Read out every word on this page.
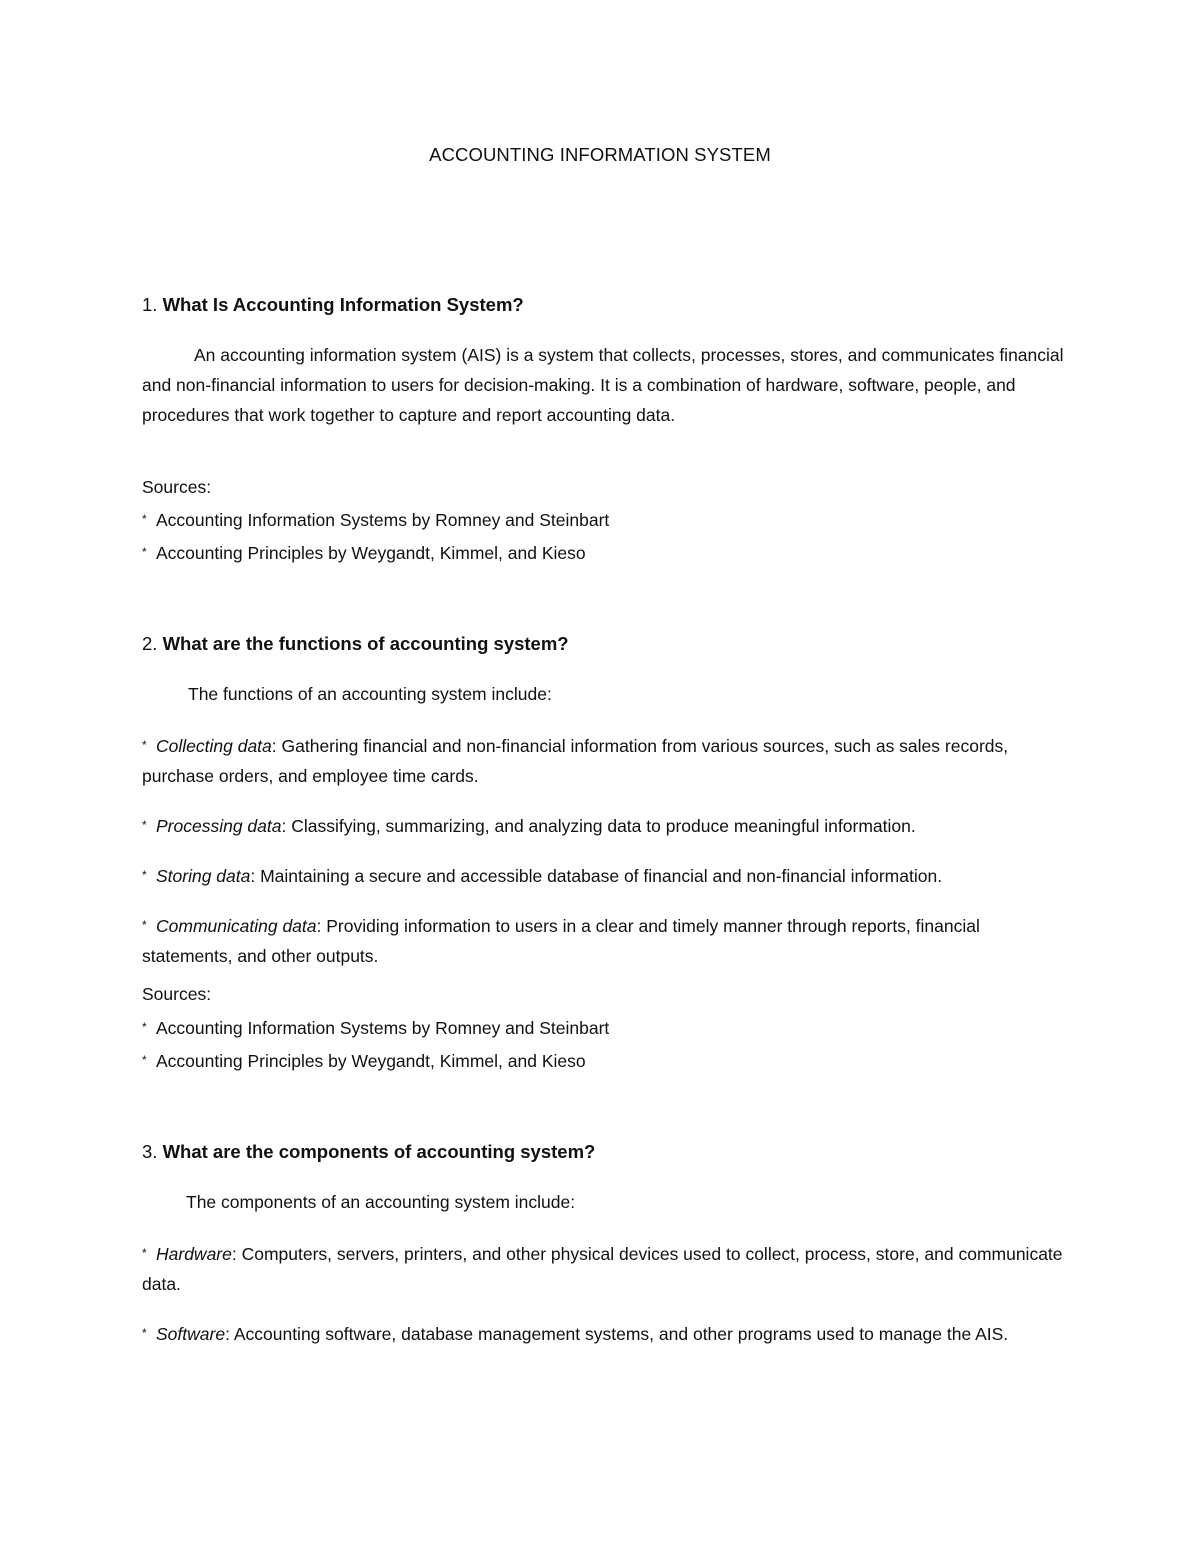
ACCOUNTING INFORMATION SYSTEM
1. What Is Accounting Information System?
An accounting information system (AIS) is a system that collects, processes, stores, and communicates financial and non-financial information to users for decision-making. It is a combination of hardware, software, people, and procedures that work together to capture and report accounting data.
Sources:
* Accounting Information Systems by Romney and Steinbart
* Accounting Principles by Weygandt, Kimmel, and Kieso
2. What are the functions of accounting system?
The functions of an accounting system include:
* Collecting data: Gathering financial and non-financial information from various sources, such as sales records, purchase orders, and employee time cards.
* Processing data: Classifying, summarizing, and analyzing data to produce meaningful information.
* Storing data: Maintaining a secure and accessible database of financial and non-financial information.
* Communicating data: Providing information to users in a clear and timely manner through reports, financial statements, and other outputs.
Sources:
* Accounting Information Systems by Romney and Steinbart
* Accounting Principles by Weygandt, Kimmel, and Kieso
3. What are the components of accounting system?
The components of an accounting system include:
* Hardware: Computers, servers, printers, and other physical devices used to collect, process, store, and communicate data.
* Software: Accounting software, database management systems, and other programs used to manage the AIS.
